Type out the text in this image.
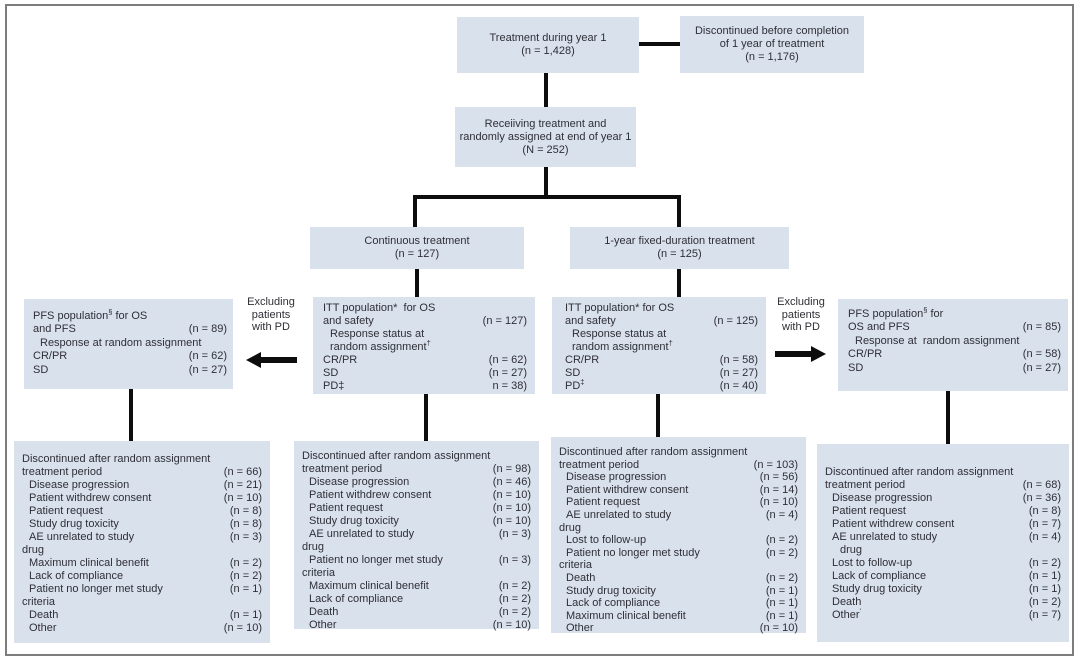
Treatment during year 1
(n = 1,428)
Discontinued before completion
of 1 year of treatment
(n = 1,176)
Receiiving treatment and
randomly assigned at end of year 1
(N = 252)
Continuous treatment
(n = 127)
1-year fixed-duration treatment
(n = 125)
PFS population§ for OS
and PFS	(n = 89)
Response at random assignment
CR/PR	(n = 62)
SD	(n = 27)
ITT population*  for OS
and safety	(n = 127)
Response status at
random assignment†
CR/PR	(n = 62)
SD	(n = 27)
PD‡	n = 38)
ITT population* for OS
and safety	(n = 125)
Response status at
random assignment†
CR/PR	(n = 58)
SD	(n = 27)
PD‡	(n = 40)
PFS population§ for
OS and PFS	(n = 85)
Response at  random assignment
CR/PR	(n = 58)
SD	(n = 27)
Discontinued after random assignment
treatment period	(n = 66)
Disease progression	(n = 21)
Patient withdrew consent	(n = 10)
Patient request	(n = 8)
Study drug toxicity	(n = 8)
AE unrelated to study	(n = 3)
drug
Maximum clinical benefit	(n = 2)
Lack of compliance	(n = 2)
Patient no longer met study	(n = 1)
criteria
Death	(n = 1)
Other	(n = 10)
Discontinued after random assignment
treatment period	(n = 98)
Disease progression	(n = 46)
Patient withdrew consent	(n = 10)
Patient request	(n = 10)
Study drug toxicity	(n = 10)
AE unrelated to study	(n = 3)
drug
Patient no longer met study	(n = 3)
criteria
Maximum clinical benefit	(n = 2)
Lack of compliance	(n = 2)
Death	(n = 2)
Other	(n = 10)
Discontinued after random assignment
treatment period	(n = 103)
Disease progression	(n = 56)
Patient withdrew consent	(n = 14)
Patient request	(n = 10)
AE unrelated to study	(n = 4)
drug
Lost to follow-up	(n = 2)
Patient no longer met study	(n = 2)
criteria
Death	(n = 2)
Study drug toxicity	(n = 1)
Lack of compliance	(n = 1)
Maximum clinical benefit	(n = 1)
Other	(n = 10)
Discontinued after random assignment
treatment period	(n = 68)
Disease progression	(n = 36)
Patient request	(n = 8)
Patient withdrew consent	(n = 7)
AE unrelated to study	(n = 4)
drug
Lost to follow-up	(n = 2)
Lack of compliance	(n = 1)
Study drug toxicity	(n = 1)
Death	(n = 2)
Other'	(n = 7)
Excluding
patients
with PD
Excluding
patients
with PD
